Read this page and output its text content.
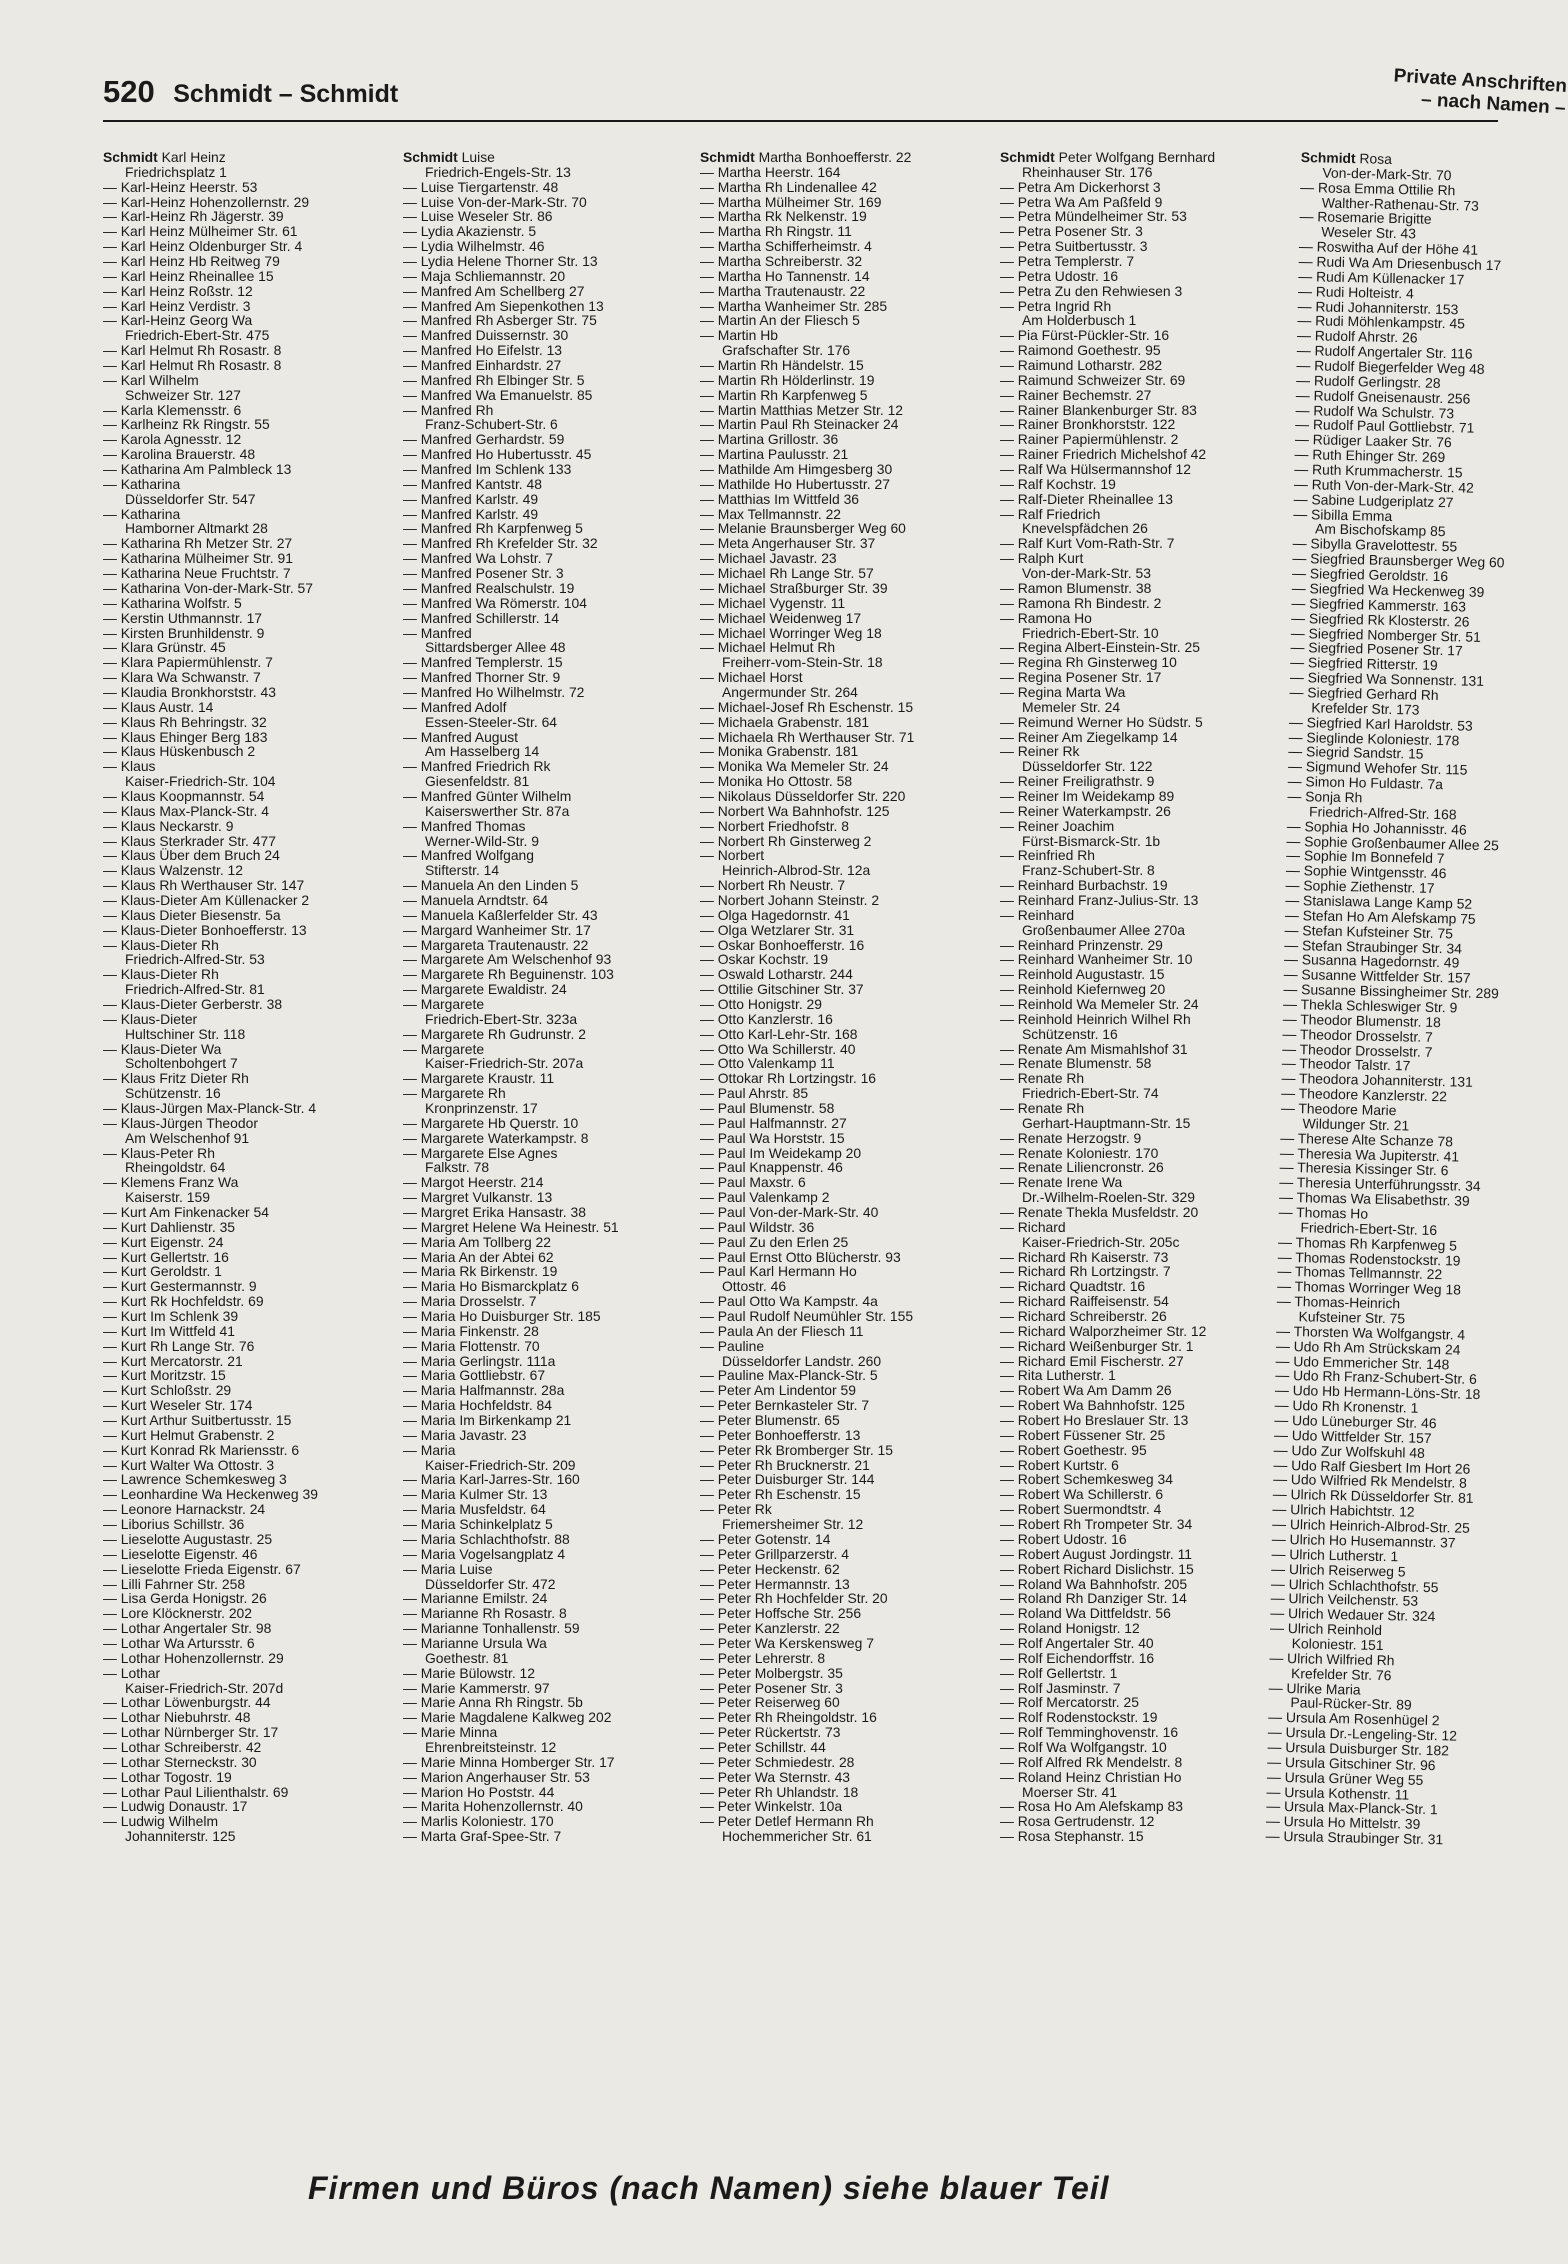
520 Schmidt – Schmidt	Private Anschriften
– nach Namen –
Schmidt Karl Heinz
Friedrichsplatz 1
— Karl-Heinz Heerstr. 53
— Karl-Heinz Hohenzollernstr. 29
— Karl-Heinz Rh Jägerstr. 39
— Karl Heinz Mülheimer Str. 61
— Karl Heinz Oldenburger Str. 4
— Karl Heinz Hb Reitweg 79
— Karl Heinz Rheinallee 15
— Karl Heinz Roßstr. 12
— Karl Heinz Verdistr. 3
— Karl-Heinz Georg Wa
Friedrich-Ebert-Str. 475
— Karl Helmut Rh Rosastr. 8
— Karl Helmut Rh Rosastr. 8
— Karl Wilhelm
Schweizer Str. 127
— Karla Klemensstr. 6
— Karlheinz Rk Ringstr. 55
— Karola Agnesstr. 12
— Karolina Brauerstr. 48
— Katharina Am Palmbleck 13
— Katharina
Düsseldorfer Str. 547
— Katharina
Hamborner Altmarkt 28
— Katharina Rh Metzer Str. 27
— Katharina Mülheimer Str. 91
— Katharina Neue Fruchtstr. 7
— Katharina Von-der-Mark-Str. 57
— Katharina Wolfstr. 5
— Kerstin Uthmannstr. 17
— Kirsten Brunhildenstr. 9
— Klara Grünstr. 45
— Klara Papiermühlenstr. 7
— Klara Wa Schwanstr. 7
— Klaudia Bronkhorststr. 43
— Klaus Austr. 14
— Klaus Rh Behringstr. 32
— Klaus Ehinger Berg 183
— Klaus Hüskenbusch 2
— Klaus
Kaiser-Friedrich-Str. 104
— Klaus Koopmannstr. 54
— Klaus Max-Planck-Str. 4
— Klaus Neckarstr. 9
— Klaus Sterkrader Str. 477
— Klaus Über dem Bruch 24
— Klaus Walzenstr. 12
— Klaus Rh Werthauser Str. 147
— Klaus-Dieter Am Küllenacker 2
— Klaus Dieter Biesenstr. 5a
— Klaus-Dieter Bonhoefferstr. 13
— Klaus-Dieter Rh
Friedrich-Alfred-Str. 53
— Klaus-Dieter Rh
Friedrich-Alfred-Str. 81
— Klaus-Dieter Gerberstr. 38
— Klaus-Dieter
Hultschiner Str. 118
— Klaus-Dieter Wa
Scholtenbohgert 7
— Klaus Fritz Dieter Rh
Schützenstr. 16
— Klaus-Jürgen Max-Planck-Str. 4
— Klaus-Jürgen Theodor
Am Welschenhof 91
— Klaus-Peter Rh
Rheingoldstr. 64
— Klemens Franz Wa
Kaiserstr. 159
— Kurt Am Finkenacker 54
— Kurt Dahlienstr. 35
— Kurt Eigenstr. 24
— Kurt Gellertstr. 16
— Kurt Geroldstr. 1
— Kurt Gestermannstr. 9
— Kurt Rk Hochfeldstr. 69
— Kurt Im Schlenk 39
— Kurt Im Wittfeld 41
— Kurt Rh Lange Str. 76
— Kurt Mercatorstr. 21
— Kurt Moritzstr. 15
— Kurt Schloßstr. 29
— Kurt Weseler Str. 174
— Kurt Arthur Suitbertusstr. 15
— Kurt Helmut Grabenstr. 2
— Kurt Konrad Rk Mariensstr. 6
— Kurt Walter Wa Ottostr. 3
— Lawrence Schemkesweg 3
— Leonhardine Wa Heckenweg 39
— Leonore Harnackstr. 24
— Liborius Schillstr. 36
— Lieselotte Augustastr. 25
— Lieselotte Eigenstr. 46
— Lieselotte Frieda Eigenstr. 67
— Lilli Fahrner Str. 258
— Lisa Gerda Honigstr. 26
— Lore Klöcknerstr. 202
— Lothar Angertaler Str. 98
— Lothar Wa Artursstr. 6
— Lothar Hohenzollernstr. 29
— Lothar
Kaiser-Friedrich-Str. 207d
— Lothar Löwenburgstr. 44
— Lothar Niebuhrstr. 48
— Lothar Nürnberger Str. 17
— Lothar Schreiberstr. 42
— Lothar Sterneckstr. 30
— Lothar Togostr. 19
— Lothar Paul Lilienthalstr. 69
— Ludwig Donaustr. 17
— Ludwig Wilhelm
Johanniterstr. 125
Schmidt Luise
Friedrich-Engels-Str. 13
— Luise Tiergartenstr. 48
— Luise Von-der-Mark-Str. 70
— Luise Weseler Str. 86
— Lydia Akazienstr. 5
— Lydia Wilhelmstr. 46
— Lydia Helene Thorner Str. 13
— Maja Schliemannstr. 20
— Manfred Am Schellberg 27
— Manfred Am Siepenkothen 13
— Manfred Rh Asberger Str. 75
— Manfred Duissernstr. 30
— Manfred Ho Eifelstr. 13
— Manfred Einhardstr. 27
— Manfred Rh Elbinger Str. 5
— Manfred Wa Emanuelstr. 85
— Manfred Rh
Franz-Schubert-Str. 6
— Manfred Gerhardstr. 59
— Manfred Ho Hubertusstr. 45
— Manfred Im Schlenk 133
— Manfred Kantstr. 48
— Manfred Karlstr. 49
— Manfred Karlstr. 49
— Manfred Rh Karpfenweg 5
— Manfred Rh Krefelder Str. 32
— Manfred Wa Lohstr. 7
— Manfred Posener Str. 3
— Manfred Realschulstr. 19
— Manfred Wa Römerstr. 104
— Manfred Schillerstr. 14
— Manfred
Sittardsberger Allee 48
— Manfred Templerstr. 15
— Manfred Thorner Str. 9
— Manfred Ho Wilhelmstr. 72
— Manfred Adolf
Essen-Steeler-Str. 64
— Manfred August
Am Hasselberg 14
— Manfred Friedrich Rk
Giesenfeldstr. 81
— Manfred Günter Wilhelm
Kaiserswerther Str. 87a
— Manfred Thomas
Werner-Wild-Str. 9
— Manfred Wolfgang
Stifterstr. 14
— Manuela An den Linden 5
— Manuela Arndtstr. 64
— Manuela Kaßlerfelder Str. 43
— Margard Wanheimer Str. 17
— Margareta Trautenaustr. 22
— Margarete Am Welschenhof 93
— Margarete Rh Beguinenstr. 103
— Margarete Ewaldistr. 24
— Margarete
Friedrich-Ebert-Str. 323a
— Margarete Rh Gudrunstr. 2
— Margarete
Kaiser-Friedrich-Str. 207a
— Margarete Kraustr. 11
— Margarete Rh
Kronprinzenstr. 17
— Margarete Hb Querstr. 10
— Margarete Waterkampstr. 8
— Margarete Else Agnes
Falkstr. 78
— Margot Heerstr. 214
— Margret Vulkanstr. 13
— Margret Erika Hansastr. 38
— Margret Helene Wa Heinestr. 51
— Maria Am Tollberg 22
— Maria An der Abtei 62
— Maria Rk Birkenstr. 19
— Maria Ho Bismarckplatz 6
— Maria Drosselstr. 7
— Maria Ho Duisburger Str. 185
— Maria Finkenstr. 28
— Maria Flottenstr. 70
— Maria Gerlingstr. 111a
— Maria Gottliebstr. 67
— Maria Halfmannstr. 28a
— Maria Hochfeldstr. 84
— Maria Im Birkenkamp 21
— Maria Javastr. 23
— Maria
Kaiser-Friedrich-Str. 209
— Maria Karl-Jarres-Str. 160
— Maria Kulmer Str. 13
— Maria Musfeldstr. 64
— Maria Schinkelplatz 5
— Maria Schlachthofstr. 88
— Maria Vogelsangplatz 4
— Maria Luise
Düsseldorfer Str. 472
— Marianne Emilstr. 24
— Marianne Rh Rosastr. 8
— Marianne Tonhallenstr. 59
— Marianne Ursula Wa
Goethestr. 81
— Marie Bülowstr. 12
— Marie Kammerstr. 97
— Marie Anna Rh Ringstr. 5b
— Marie Magdalene Kalkweg 202
— Marie Minna
Ehrenbreitsteinstr. 12
— Marie Minna Homberger Str. 17
— Marion Angerhauser Str. 53
— Marion Ho Poststr. 44
— Marita Hohenzollernstr. 40
— Marlis Koloniestr. 170
— Marta Graf-Spee-Str. 7
Schmidt Martha Bonhoefferstr. 22
— Martha Heerstr. 164
— Martha Rh Lindenallee 42
— Martha Mülheimer Str. 169
— Martha Rk Nelkenstr. 19
— Martha Rh Ringstr. 11
— Martha Schifferheimstr. 4
— Martha Schreiberstr. 32
— Martha Ho Tannenstr. 14
— Martha Trautenaustr. 22
— Martha Wanheimer Str. 285
— Martin An der Fliesch 5
— Martin Hb
Grafschafter Str. 176
— Martin Rh Händelstr. 15
— Martin Rh Hölderlinstr. 19
— Martin Rh Karpfenweg 5
— Martin Matthias Metzer Str. 12
— Martin Paul Rh Steinacker 24
— Martina Grillostr. 36
— Martina Paulusstr. 21
— Mathilde Am Himgesberg 30
— Mathilde Ho Hubertusstr. 27
— Matthias Im Wittfeld 36
— Max Tellmannstr. 22
— Melanie Braunsberger Weg 60
— Meta Angerhauser Str. 37
— Michael Javastr. 23
— Michael Rh Lange Str. 57
— Michael Straßburger Str. 39
— Michael Vygenstr. 11
— Michael Weidenweg 17
— Michael Worringer Weg 18
— Michael Helmut Rh
Freiherr-vom-Stein-Str. 18
— Michael Horst
Angermunder Str. 264
— Michael-Josef Rh Eschenstr. 15
— Michaela Grabenstr. 181
— Michaela Rh Werthauser Str. 71
— Monika Grabenstr. 181
— Monika Wa Memeler Str. 24
— Monika Ho Ottostr. 58
— Nikolaus Düsseldorfer Str. 220
— Norbert Wa Bahnhofstr. 125
— Norbert Friedhofstr. 8
— Norbert Rh Ginsterweg 2
— Norbert
Heinrich-Albrod-Str. 12a
— Norbert Rh Neustr. 7
— Norbert Johann Steinstr. 2
— Olga Hagedornstr. 41
— Olga Wetzlarer Str. 31
— Oskar Bonhoefferstr. 16
— Oskar Kochstr. 19
— Oswald Lotharstr. 244
— Ottilie Gitschiner Str. 37
— Otto Honigstr. 29
— Otto Kanzlerstr. 16
— Otto Karl-Lehr-Str. 168
— Otto Wa Schillerstr. 40
— Otto Valenkamp 11
— Ottokar Rh Lortzingstr. 16
— Paul Ahrstr. 85
— Paul Blumenstr. 58
— Paul Halfmannstr. 27
— Paul Wa Horststr. 15
— Paul Im Weidekamp 20
— Paul Knappenstr. 46
— Paul Maxstr. 6
— Paul Valenkamp 2
— Paul Von-der-Mark-Str. 40
— Paul Wildstr. 36
— Paul Zu den Erlen 25
— Paul Ernst Otto Blücherstr. 93
— Paul Karl Hermann Ho
Ottostr. 46
— Paul Otto Wa Kampstr. 4a
— Paul Rudolf Neumühler Str. 155
— Paula An der Fliesch 11
— Pauline
Düsseldorfer Landstr. 260
— Pauline Max-Planck-Str. 5
— Peter Am Lindentor 59
— Peter Bernkasteler Str. 7
— Peter Blumenstr. 65
— Peter Bonhoefferstr. 13
— Peter Rk Bromberger Str. 15
— Peter Rh Brucknerstr. 21
— Peter Duisburger Str. 144
— Peter Rh Eschenstr. 15
— Peter Rk
Friemersheimer Str. 12
— Peter Gotenstr. 14
— Peter Grillparzerstr. 4
— Peter Heckenstr. 62
— Peter Hermannstr. 13
— Peter Rh Hochfelder Str. 20
— Peter Hoffsche Str. 256
— Peter Kanzlerstr. 22
— Peter Wa Kerskensweg 7
— Peter Lehrerstr. 8
— Peter Molbergstr. 35
— Peter Posener Str. 3
— Peter Reiserweg 60
— Peter Rh Rheingoldstr. 16
— Peter Rückertstr. 73
— Peter Schillstr. 44
— Peter Schmiedestr. 28
— Peter Wa Sternstr. 43
— Peter Rh Uhlandstr. 18
— Peter Winkelstr. 10a
— Peter Detlef Hermann Rh
Hochemmericher Str. 61
Schmidt Peter Wolfgang Bernhard
Rheinhauser Str. 176
— Petra Am Dickerhorst 3
— Petra Wa Am Paßfeld 9
— Petra Mündelheimer Str. 53
— Petra Posener Str. 3
— Petra Suitbertusstr. 3
— Petra Templerstr. 7
— Petra Udostr. 16
— Petra Zu den Rehwiesen 3
— Petra Ingrid Rh
Am Holderbusch 1
— Pia Fürst-Pückler-Str. 16
— Raimond Goethestr. 95
— Raimund Lotharstr. 282
— Raimund Schweizer Str. 69
— Rainer Bechemstr. 27
— Rainer Blankenburger Str. 83
— Rainer Bronkhorststr. 122
— Rainer Papiermühlenstr. 2
— Rainer Friedrich Michelshof 42
— Ralf Wa Hülsermannshof 12
— Ralf Kochstr. 19
— Ralf-Dieter Rheinallee 13
— Ralf Friedrich
Knevelspfädchen 26
— Ralf Kurt Vom-Rath-Str. 7
— Ralph Kurt
Von-der-Mark-Str. 53
— Ramon Blumenstr. 38
— Ramona Rh Bindestr. 2
— Ramona Ho
Friedrich-Ebert-Str. 10
— Regina Albert-Einstein-Str. 25
— Regina Rh Ginsterweg 10
— Regina Posener Str. 17
— Regina Marta Wa
Memeler Str. 24
— Reimund Werner Ho Südstr. 5
— Reiner Am Ziegelkamp 14
— Reiner Rk
Düsseldorfer Str. 122
— Reiner Freiligrathstr. 9
— Reiner Im Weidekamp 89
— Reiner Waterkampstr. 26
— Reiner Joachim
Fürst-Bismarck-Str. 1b
— Reinfried Rh
Franz-Schubert-Str. 8
— Reinhard Burbachstr. 19
— Reinhard Franz-Julius-Str. 13
— Reinhard
Großenbaumer Allee 270a
— Reinhard Prinzenstr. 29
— Reinhard Wanheimer Str. 10
— Reinhold Augustastr. 15
— Reinhold Kiefernweg 20
— Reinhold Wa Memeler Str. 24
— Reinhold Heinrich Wilhel Rh
Schützenstr. 16
— Renate Am Mismahlshof 31
— Renate Blumenstr. 58
— Renate Rh
Friedrich-Ebert-Str. 74
— Renate Rh
Gerhart-Hauptmann-Str. 15
— Renate Herzogstr. 9
— Renate Koloniestr. 170
— Renate Liliencronstr. 26
— Renate Irene Wa
Dr.-Wilhelm-Roelen-Str. 329
— Renate Thekla Musfeldstr. 20
— Richard
Kaiser-Friedrich-Str. 205c
— Richard Rh Kaiserstr. 73
— Richard Rh Lortzingstr. 7
— Richard Quadtstr. 16
— Richard Raiffeisenstr. 54
— Richard Schreiberstr. 26
— Richard Walporzheimer Str. 12
— Richard Weißenburger Str. 1
— Richard Emil Fischerstr. 27
— Rita Lutherstr. 1
— Robert Wa Am Damm 26
— Robert Wa Bahnhofstr. 125
— Robert Ho Breslauer Str. 13
— Robert Füssener Str. 25
— Robert Goethestr. 95
— Robert Kurtstr. 6
— Robert Schemkesweg 34
— Robert Wa Schillerstr. 6
— Robert Suermondtstr. 4
— Robert Rh Trompeter Str. 34
— Robert Udostr. 16
— Robert August Jordingstr. 11
— Robert Richard Dislichstr. 15
— Roland Wa Bahnhofstr. 205
— Roland Rh Danziger Str. 14
— Roland Wa Dittfeldstr. 56
— Roland Honigstr. 12
— Rolf Angertaler Str. 40
— Rolf Eichendorffstr. 16
— Rolf Gellertstr. 1
— Rolf Jasminstr. 7
— Rolf Mercatorstr. 25
— Rolf Rodenstockstr. 19
— Rolf Temminghovenstr. 16
— Rolf Wa Wolfgangstr. 10
— Rolf Alfred Rk Mendelstr. 8
— Roland Heinz Christian Ho
Moerser Str. 41
— Rosa Ho Am Alefskamp 83
— Rosa Gertrudenstr. 12
— Rosa Stephanstr. 15
Schmidt Rosa
Von-der-Mark-Str. 70
— Rosa Emma Ottilie Rh
Walther-Rathenau-Str. 73
— Rosemarie Brigitte
Weseler Str. 43
— Roswitha Auf der Höhe 41
— Rudi Wa Am Driesenbusch 17
— Rudi Am Küllenacker 17
— Rudi Holteistr. 4
— Rudi Johanniterstr. 153
— Rudi Möhlenkampstr. 45
— Rudolf Ahrstr. 26
— Rudolf Angertaler Str. 116
— Rudolf Biegerfelder Weg 48
— Rudolf Gerlingstr. 28
— Rudolf Gneisenaustr. 256
— Rudolf Wa Schulstr. 73
— Rudolf Paul Gottliebstr. 71
— Rüdiger Laaker Str. 76
— Ruth Ehinger Str. 269
— Ruth Krummacherstr. 15
— Ruth Von-der-Mark-Str. 42
— Sabine Ludgeriplatz 27
— Sibilla Emma
Am Bischofskamp 85
— Sibylla Gravelottestr. 55
— Siegfried Braunsberger Weg 60
— Siegfried Geroldstr. 16
— Siegfried Wa Heckenweg 39
— Siegfried Kammerstr. 163
— Siegfried Rk Klosterstr. 26
— Siegfried Nomberger Str. 51
— Siegfried Posener Str. 17
— Siegfried Ritterstr. 19
— Siegfried Wa Sonnenstr. 131
— Siegfried Gerhard Rh
Krefelder Str. 173
— Siegfried Karl Haroldstr. 53
— Sieglinde Koloniestr. 178
— Siegrid Sandstr. 15
— Sigmund Wehofer Str. 115
— Simon Ho Fuldastr. 7a
— Sonja Rh
Friedrich-Alfred-Str. 168
— Sophia Ho Johannisstr. 46
— Sophie Großenbaumer Allee 25
— Sophie Im Bonnefeld 7
— Sophie Wintgensstr. 46
— Sophie Ziethenstr. 17
— Stanislawa Lange Kamp 52
— Stefan Ho Am Alefskamp 75
— Stefan Kufsteiner Str. 75
— Stefan Straubinger Str. 34
— Susanna Hagedornstr. 49
— Susanne Wittfelder Str. 157
— Susanne Bissingheimer Str. 289
— Thekla Schleswiger Str. 9
— Theodor Blumenstr. 18
— Theodor Drosselstr. 7
— Theodor Drosselstr. 7
— Theodor Talstr. 17
— Theodora Johanniterstr. 131
— Theodore Kanzlerstr. 22
— Theodore Marie
Wildunger Str. 21
— Therese Alte Schanze 78
— Theresia Wa Jupiterstr. 41
— Theresia Kissinger Str. 6
— Theresia Unterführungsstr. 34
— Thomas Wa Elisabethstr. 39
— Thomas Ho
Friedrich-Ebert-Str. 16
— Thomas Rh Karpfenweg 5
— Thomas Rodenstockstr. 19
— Thomas Tellmannstr. 22
— Thomas Worringer Weg 18
— Thomas-Heinrich
Kufsteiner Str. 75
— Thorsten Wa Wolfgangstr. 4
— Udo Rh Am Strückskam 24
— Udo Emmericher Str. 148
— Udo Rh Franz-Schubert-Str. 6
— Udo Hb Hermann-Löns-Str. 18
— Udo Rh Kronenstr. 1
— Udo Lüneburger Str. 46
— Udo Wittfelder Str. 157
— Udo Zur Wolfskuhl 48
— Udo Ralf Giesbert Im Hort 26
— Udo Wilfried Rk Mendelstr. 8
— Ulrich Rk Düsseldorfer Str. 81
— Ulrich Habichtstr. 12
— Ulrich Heinrich-Albrod-Str. 25
— Ulrich Ho Husemannstr. 37
— Ulrich Lutherstr. 1
— Ulrich Reiserweg 5
— Ulrich Schlachthofstr. 55
— Ulrich Veilchenstr. 53
— Ulrich Wedauer Str. 324
— Ulrich Reinhold
Koloniestr. 151
— Ulrich Wilfried Rh
Krefelder Str. 76
— Ulrike Maria
Paul-Rücker-Str. 89
— Ursula Am Rosenhügel 2
— Ursula Dr.-Lengeling-Str. 12
— Ursula Duisburger Str. 182
— Ursula Gitschiner Str. 96
— Ursula Grüner Weg 55
— Ursula Kothenstr. 11
— Ursula Max-Planck-Str. 1
— Ursula Ho Mittelstr. 39
— Ursula Straubinger Str. 31
Firmen und Büros (nach Namen) siehe blauer Teil
